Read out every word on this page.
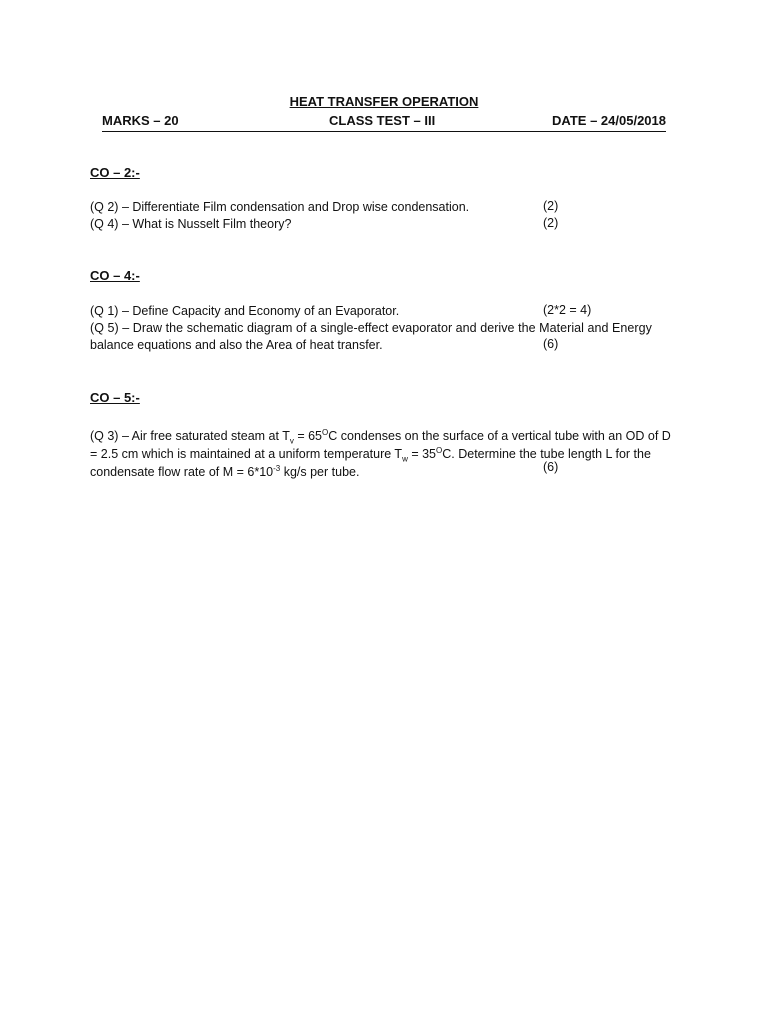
HEAT TRANSFER OPERATION
MARKS – 20	CLASS TEST – III	DATE – 24/05/2018
CO – 2:-
(Q 2) – Differentiate Film condensation and Drop wise condensation.	(2)
(Q 4) – What is Nusselt Film theory?	(2)
CO – 4:-
(Q 1) – Define Capacity and Economy of an Evaporator.	(2*2 = 4)
(Q 5) – Draw the schematic diagram of a single-effect evaporator and derive the Material and Energy
balance equations and also the Area of heat transfer.	(6)
CO – 5:-
(Q 3) – Air free saturated steam at $T_v = 65^OC$ condenses on the surface of a vertical tube with an OD of D
= 2.5 cm which is maintained at a uniform temperature $T_w = 35^OC$. Determine the tube length L for the
condensate flow rate of $M = 6*10^{-3}$ kg/s per tube.	(6)
